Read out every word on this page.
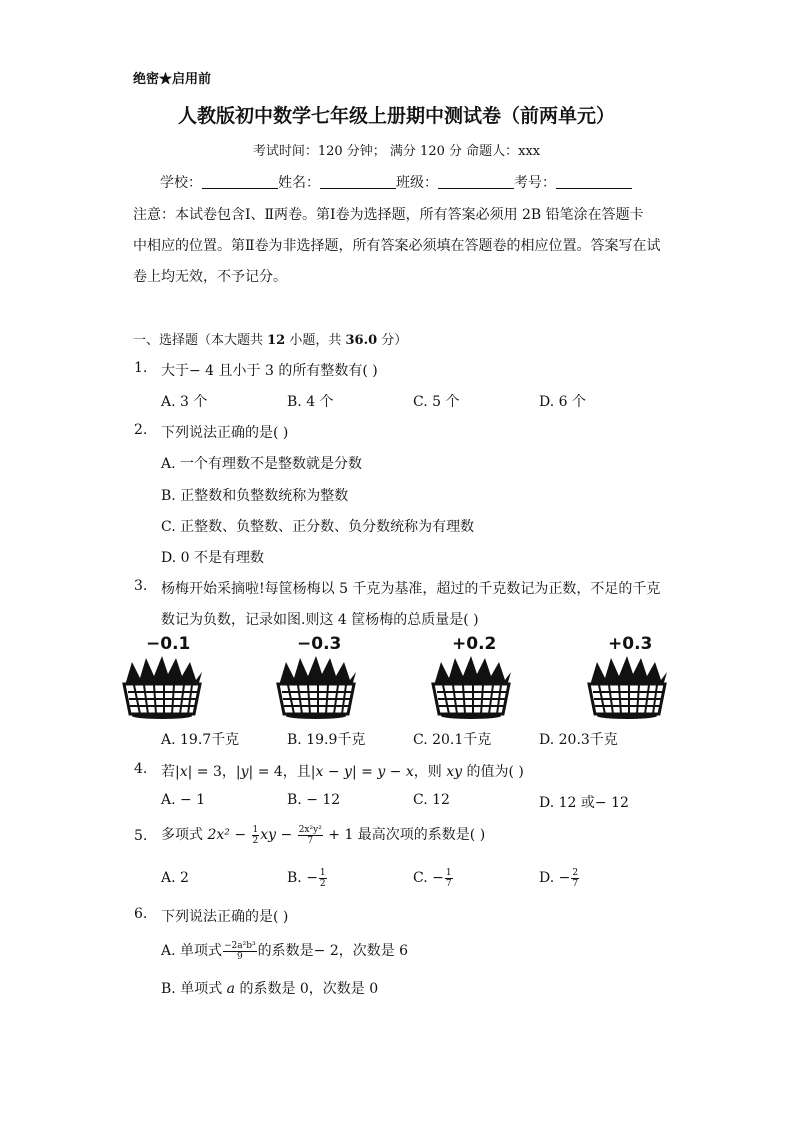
绝密★启用前
人教版初中数学七年级上册期中测试卷（前两单元）
考试时间：120 分钟； 满分 120 分 命题人：xxx
学校：	姓名：	班级：	考号：
注意：本试卷包含Ⅰ、Ⅱ两卷。第Ⅰ卷为选择题，所有答案必须用 2B 铅笔涂在答题卡
中相应的位置。第Ⅱ卷为非选择题，所有答案必须填在答题卷的相应位置。答案写在试
卷上均无效，不予记分。
一、选择题（本大题共 12 小题，共 36.0 分）
1. 大于− 4 且小于 3 的所有整数有( )
A. 3 个	B. 4 个	C. 5 个	D. 6 个
2. 下列说法正确的是( )
A. 一个有理数不是整数就是分数
B. 正整数和负整数统称为整数
C. 正整数、负整数、正分数、负分数统称为有理数
D. 0 不是有理数
3. 杨梅开始采摘啦!每筐杨梅以 5 千克为基准，超过的千克数记为正数，不足的千克
数记为负数，记录如图.则这 4 筐杨梅的总质量是( )
−0.1	−0.3	+0.2	+0.3
A. 19.7千克	B. 19.9千克	C. 20.1千克	D. 20.3千克
4. 若|x| = 3，|y| = 4，且|x − y| = y − x，则 xy 的值为( )
A. − 1	B. − 12	C. 12	D. 12 或− 12
5. 多项式 $2x^2 - \frac{1}{2}$ xy − $\frac{\text{2x²y²}}{7} + 1$ 最高次项的系数是( )
A. 2	B. − $\frac{1}{2}$	C. − $\frac{1}{7}$	D. − $\frac{2}{7}$
6. 下列说法正确的是( )
A. 单项式 $\frac{\text{−2a²b³}}{9}$ 的系数是− 2，次数是 6
B. 单项式 a 的系数是 0，次数是 0
